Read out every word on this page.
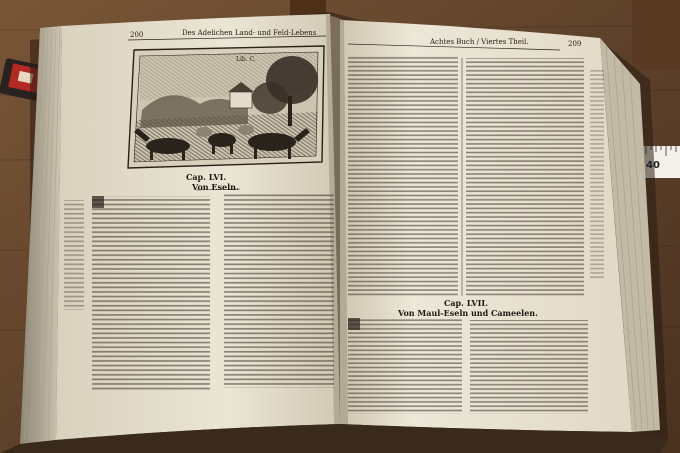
200	Des Adelichen Land- und Feld-Lebens
Lib. C.
Cap. LVI.
Von Eseln.
Achtes Buch / Viertes Theil.	209
Cap. LVII.
Von Maul-Eseln und Cameelen.
40
